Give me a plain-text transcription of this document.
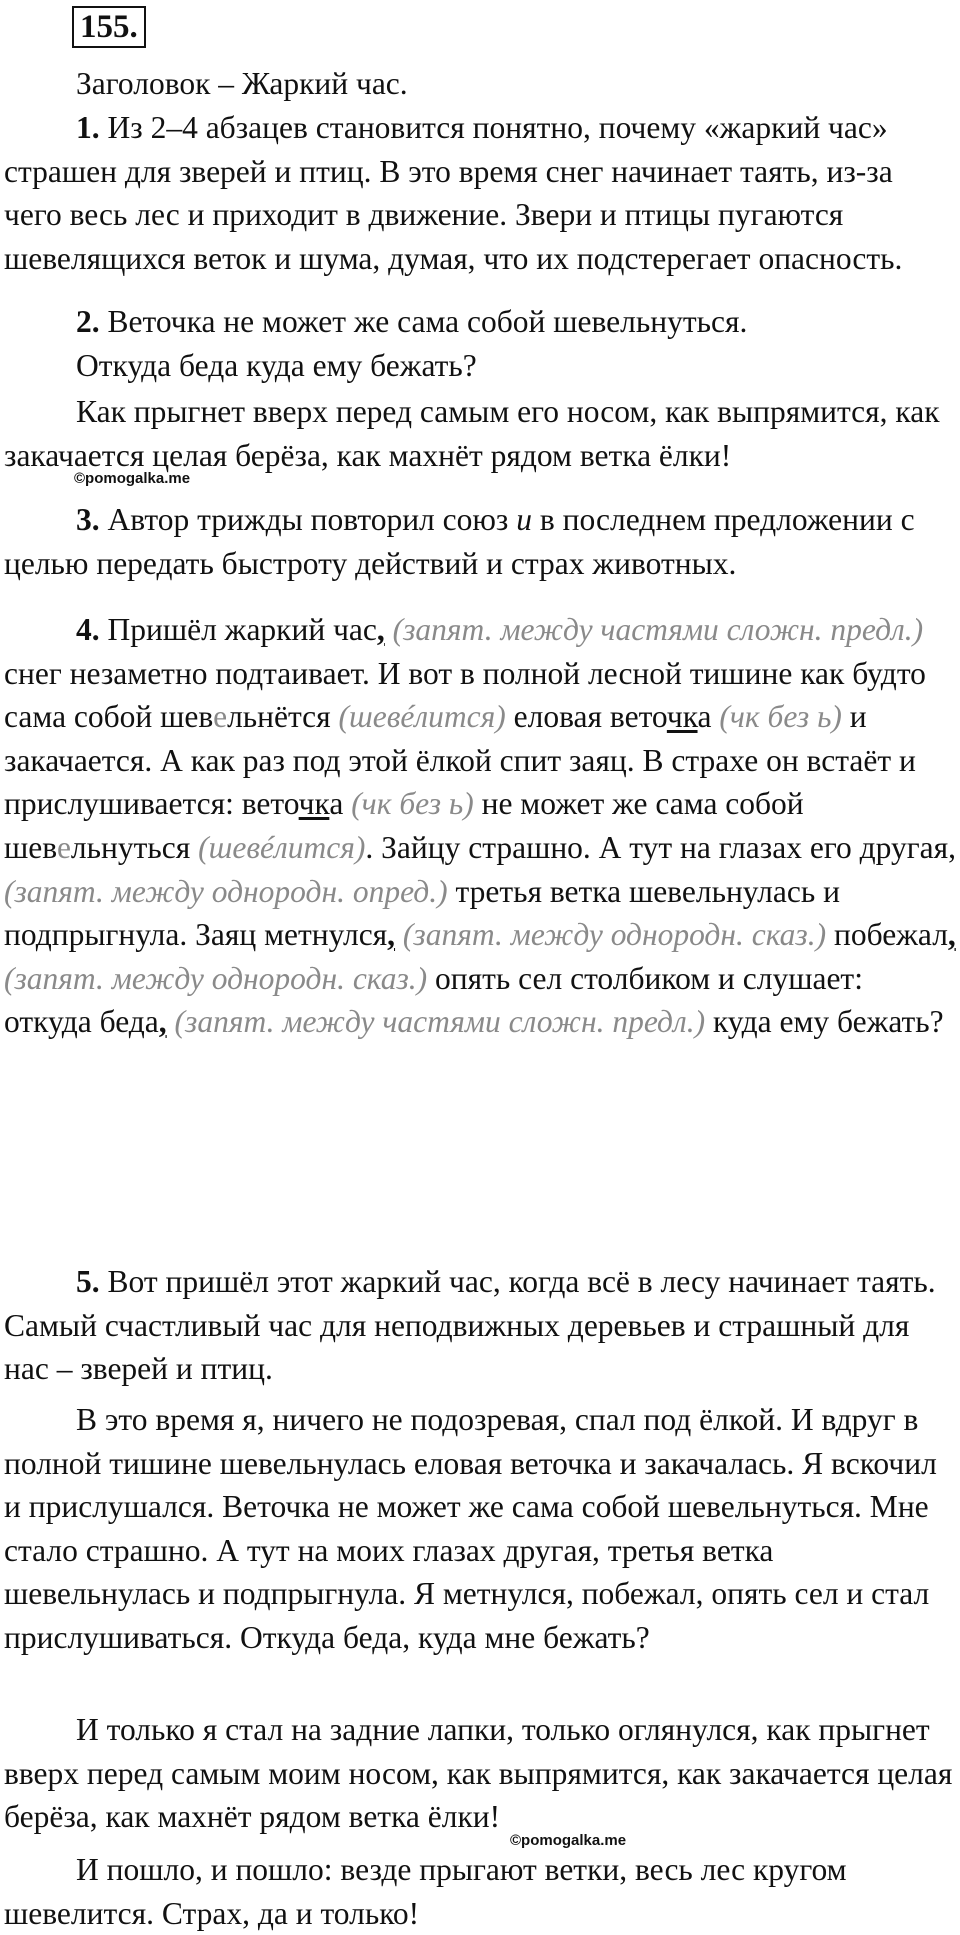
155.

Заголовок – Жаркий час.

1. Из 2–4 абзацев становится понятно, почему «жаркий час» страшен для зверей и птиц. В это время снег начинает таять, из-за чего весь лес и приходит в движение. Звери и птицы пугаются шевелящихся веток и шума, думая, что их подстерегает опасность.

2. Веточка не может же сама собой шевельнуться.

Откуда беда куда ему бежать?

Как прыгнет вверх перед самым его носом, как выпрямится, как закачается целая берёза, как махнёт рядом ветка ёлки!

©pomogalka.me

3. Автор трижды повторил союз и в последнем предложении с целью передать быстроту действий и страх животных.

4. Пришёл жаркий час, (запят. между частями сложн. предл.) снег незаметно подтаивает. И вот в полной лесной тишине как будто сама собой шевельнётся (шевéлится) еловая веточка (чк без ь) и закачается. А как раз под этой ёлкой спит заяц. В страхе он встаёт и прислушивается: веточка (чк без ь) не может же сама собой шевельнуться (шевéлится). Зайцу страшно. А тут на глазах его другая, (запят. между однородн. опред.) третья ветка шевельнулась и подпрыгнула. Заяц метнулся, (запят. между однородн. сказ.) побежал, (запят. между однородн. сказ.) опять сел столбиком и слушает: откуда беда, (запят. между частями сложн. предл.) куда ему бежать?

5. Вот пришёл этот жаркий час, когда всё в лесу начинает таять. Самый счастливый час для неподвижных деревьев и страшный для нас – зверей и птиц.

В это время я, ничего не подозревая, спал под ёлкой. И вдруг в полной тишине шевельнулась еловая веточка и закачалась. Я вскочил и прислушался. Веточка не может же сама собой шевельнуться. Мне стало страшно. А тут на моих глазах другая, третья ветка шевельнулась и подпрыгнула. Я метнулся, побежал, опять сел и стал прислушиваться. Откуда беда, куда мне бежать?

И только я стал на задние лапки, только оглянулся, как прыгнет вверх перед самым моим носом, как выпрямится, как закачается целая берёза, как махнёт рядом ветка ёлки!

©pomogalka.me

И пошло, и пошло: везде прыгают ветки, весь лес кругом шевелится. Страх, да и только!
